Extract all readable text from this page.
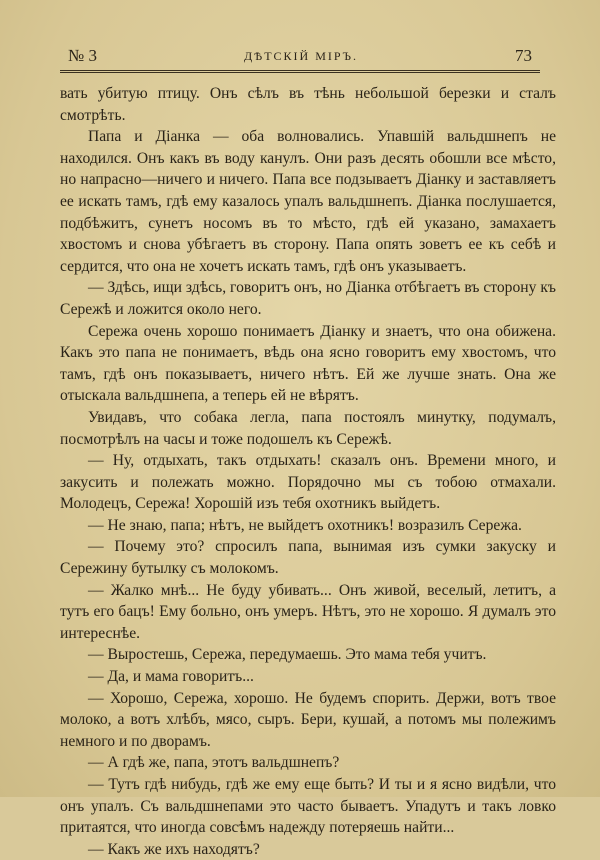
№ 3	ДѢТСКІЙ МІРЪ.	73

вать убитую птицу. Онъ сѣлъ въ тѣнь небольшой березки и сталъ смотрѣть.

Папа и Діанка — оба волновались. Упавшій вальдшнепъ не находился. Онъ какъ въ воду канулъ. Они разъ десять обошли все мѣсто, но напрасно—ничего и ничего. Папа все подзываетъ Діанку и заставляетъ ее искать тамъ, гдѣ ему казалось упалъ вальдшнепъ. Діанка послушается, подбѣжитъ, сунетъ носомъ въ то мѣсто, гдѣ ей указано, замахаетъ хвостомъ и снова убѣгаетъ въ сторону. Папа опять зоветъ ее къ себѣ и сердится, что она не хочетъ искать тамъ, гдѣ онъ указываетъ.

— Здѣсь, ищи здѣсь, говоритъ онъ, но Діанка отбѣгаетъ въ сторону къ Сережѣ и ложится около него.

Сережа очень хорошо понимаетъ Діанку и знаетъ, что она обижена. Какъ это папа не понимаетъ, вѣдь она ясно говоритъ ему хвостомъ, что тамъ, гдѣ онъ показываетъ, ничего нѣтъ. Ей же лучше знать. Она же отыскала вальдшнепа, а теперь ей не вѣрятъ.

Увидавъ, что собака легла, папа постоялъ минутку, подумалъ, посмотрѣлъ на часы и тоже подошелъ къ Сережѣ.

— Ну, отдыхать, такъ отдыхать! сказалъ онъ. Времени много, и закусить и полежать можно. Порядочно мы съ тобою отмахали. Молодецъ, Сережа! Хорошій изъ тебя охотникъ выйдетъ.

— Не знаю, папа; нѣтъ, не выйдетъ охотникъ! возразилъ Сережа.

— Почему это? спросилъ папа, вынимая изъ сумки закуску и Сережину бутылку съ молокомъ.

— Жалко мнѣ... Не буду убивать... Онъ живой, веселый, летитъ, а тутъ его бацъ! Ему больно, онъ умеръ. Нѣтъ, это не хорошо. Я думалъ это интереснѣе.

— Выростешь, Сережа, передумаешь. Это мама тебя учитъ.

— Да, и мама говоритъ...

— Хорошо, Сережа, хорошо. Не будемъ спорить. Держи, вотъ твое молоко, а вотъ хлѣбъ, мясо, сыръ. Бери, кушай, а потомъ мы полежимъ немного и по дворамъ.

— А гдѣ же, папа, этотъ вальдшнепъ?

— Тутъ гдѣ нибудь, гдѣ же ему еще быть? И ты и я ясно видѣли, что онъ упалъ. Съ вальдшнепами это часто бываетъ. Упадутъ и такъ ловко притаятся, что иногда совсѣмъ надежду потеряешь найти...

— Какъ же ихъ находятъ?
